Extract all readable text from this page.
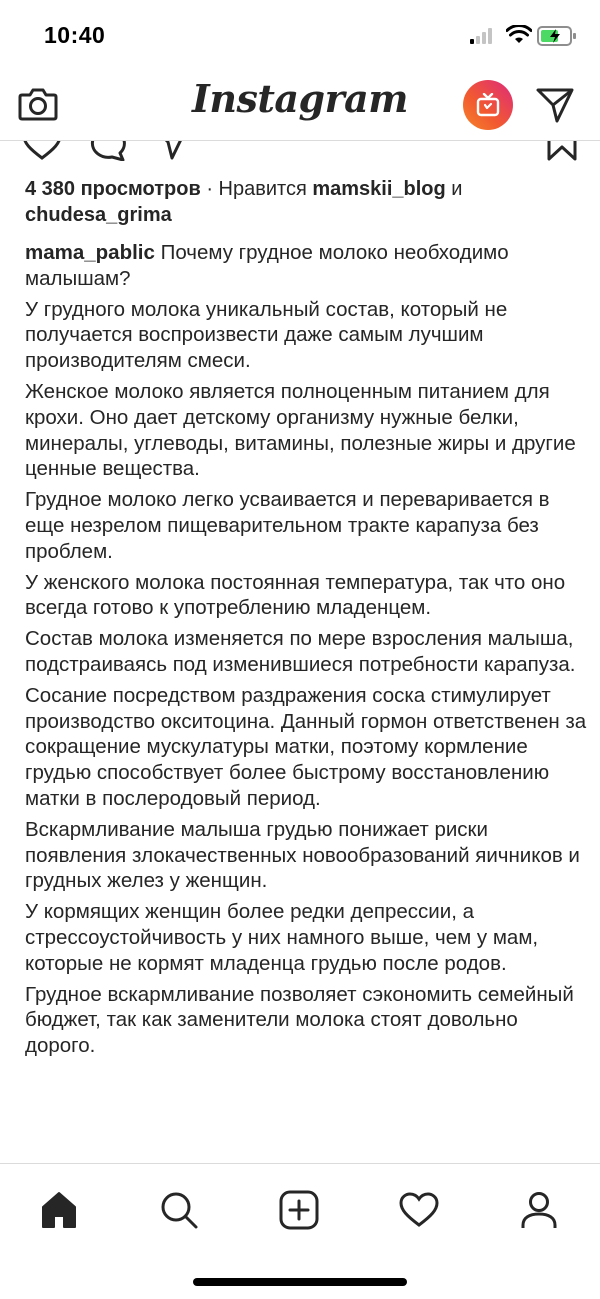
10:40
Instagram

4 380 просмотров · Нравится mamskii_blog и chudesa_grima

mama_pablic Почему грудное молоко необходимо малышам?

У грудного молока уникальный состав, который не получается воспроизвести даже самым лучшим производителям смеси.

Женское молоко является полноценным питанием для крохи. Оно дает детскому организму нужные белки, минералы, углеводы, витамины, полезные жиры и другие ценные вещества.

Грудное молоко легко усваивается и переваривается в еще незрелом пищеварительном тракте карапуза без проблем.

У женского молока постоянная температура, так что оно всегда готово к употреблению младенцем.

Состав молока изменяется по мере взросления малыша, подстраиваясь под изменившиеся потребности карапуза.

Сосание посредством раздражения соска стимулирует производство окситоцина. Данный гормон ответственен за сокращение мускулатуры матки, поэтому кормление грудью способствует более быстрому восстановлению матки в послеродовый период.

Вскармливание малыша грудью понижает риски появления злокачественных новообразований яичников и грудных желез у женщин.

У кормящих женщин более редки депрессии, а стрессоустойчивость у них намного выше, чем у мам, которые не кормят младенца грудью после родов.

Грудное вскармливание позволяет сэкономить семейный бюджет, так как заменители молока стоят довольно дорого.
